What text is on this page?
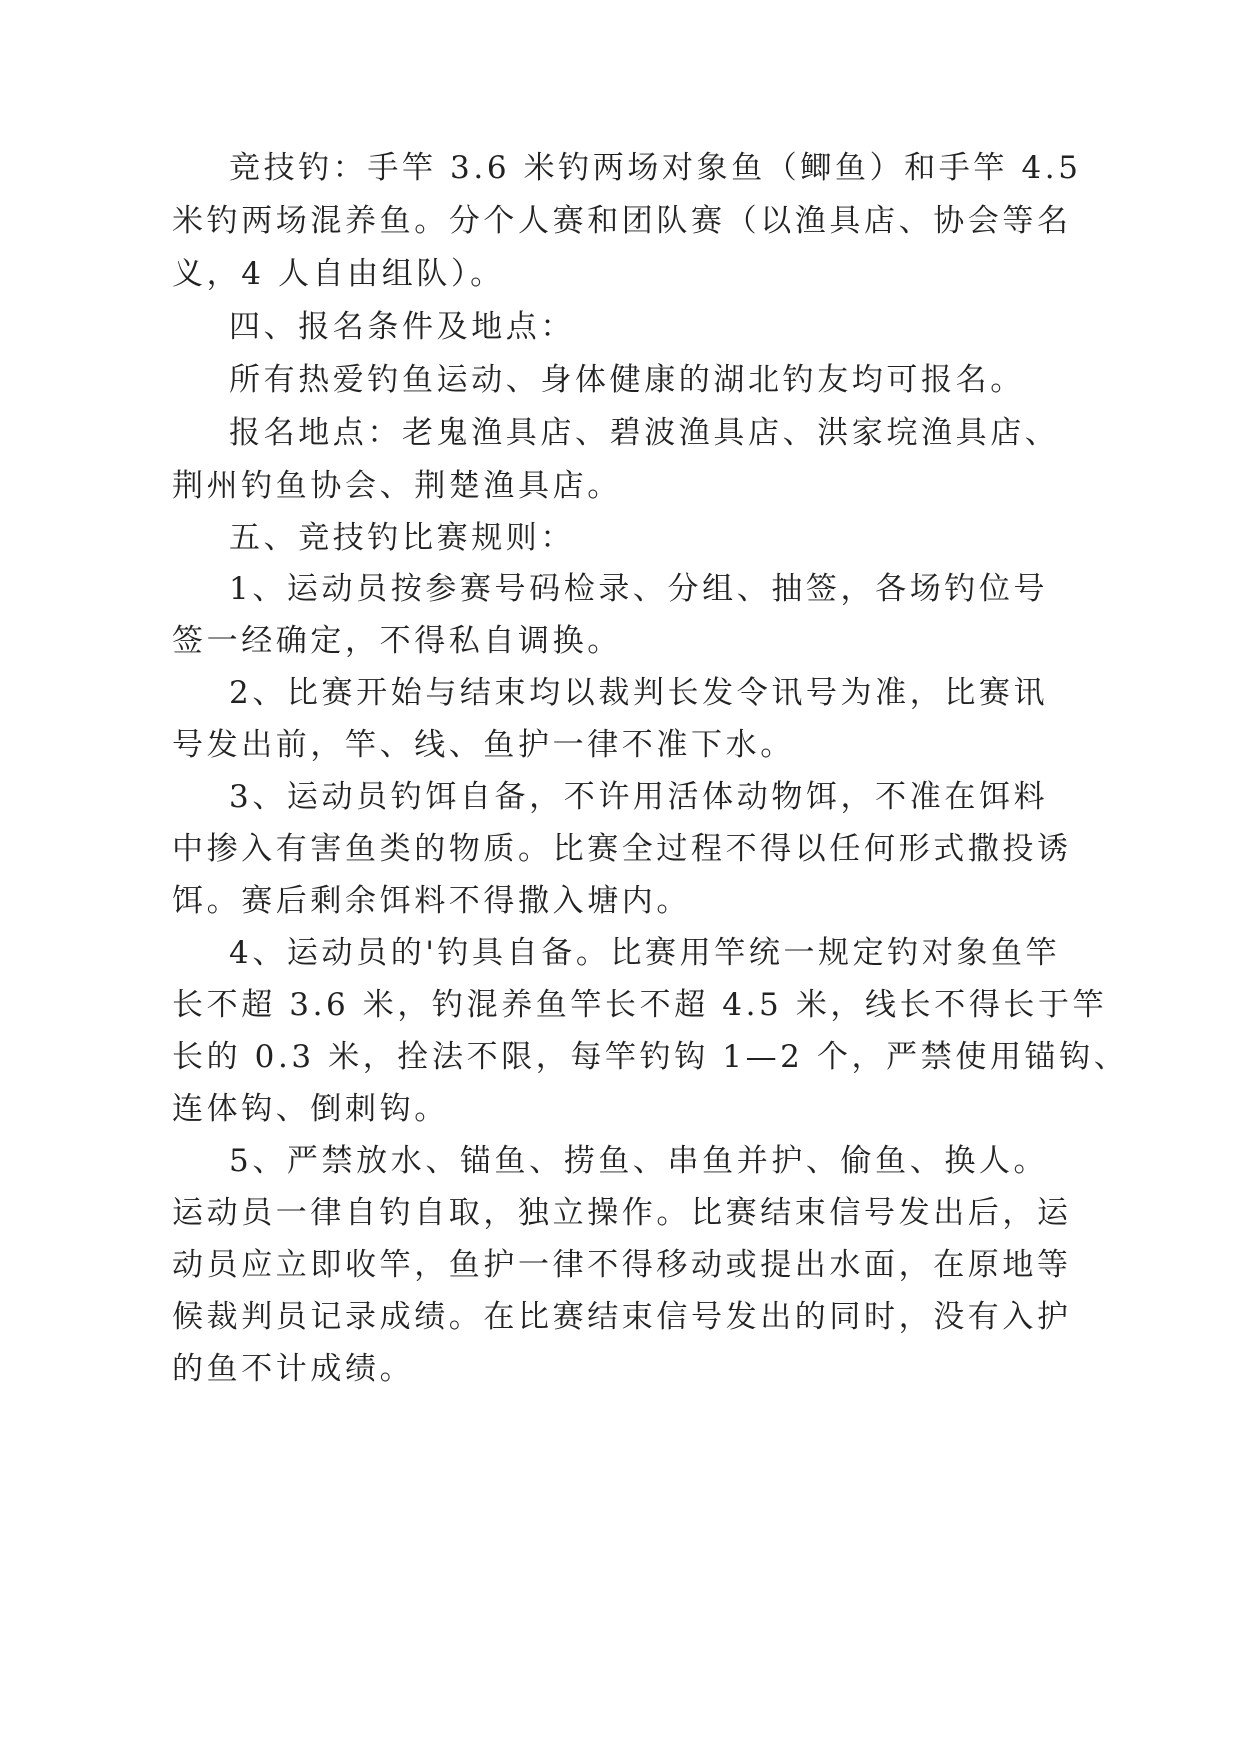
竞技钓：手竿 3.6 米钓两场对象鱼（鲫鱼）和手竿 4.5
米钓两场混养鱼。分个人赛和团队赛（以渔具店、协会等名
义，4 人自由组队）。
四、报名条件及地点：
所有热爱钓鱼运动、身体健康的湖北钓友均可报名。
报名地点：老鬼渔具店、碧波渔具店、洪家垸渔具店、
荆州钓鱼协会、荆楚渔具店。
五、竞技钓比赛规则：
1、运动员按参赛号码检录、分组、抽签，各场钓位号
签一经确定，不得私自调换。
2、比赛开始与结束均以裁判长发令讯号为准，比赛讯
号发出前，竿、线、鱼护一律不准下水。
3、运动员钓饵自备，不许用活体动物饵，不准在饵料
中掺入有害鱼类的物质。比赛全过程不得以任何形式撒投诱
饵。赛后剩余饵料不得撒入塘内。
4、运动员的'钓具自备。比赛用竿统一规定钓对象鱼竿
长不超 3.6 米，钓混养鱼竿长不超 4.5 米，线长不得长于竿
长的 0.3 米，拴法不限，每竿钓钩 1—2 个，严禁使用锚钩、
连体钩、倒刺钩。
5、严禁放水、锚鱼、捞鱼、串鱼并护、偷鱼、换人。
运动员一律自钓自取，独立操作。比赛结束信号发出后，运
动员应立即收竿，鱼护一律不得移动或提出水面，在原地等
候裁判员记录成绩。在比赛结束信号发出的同时，没有入护
的鱼不计成绩。
